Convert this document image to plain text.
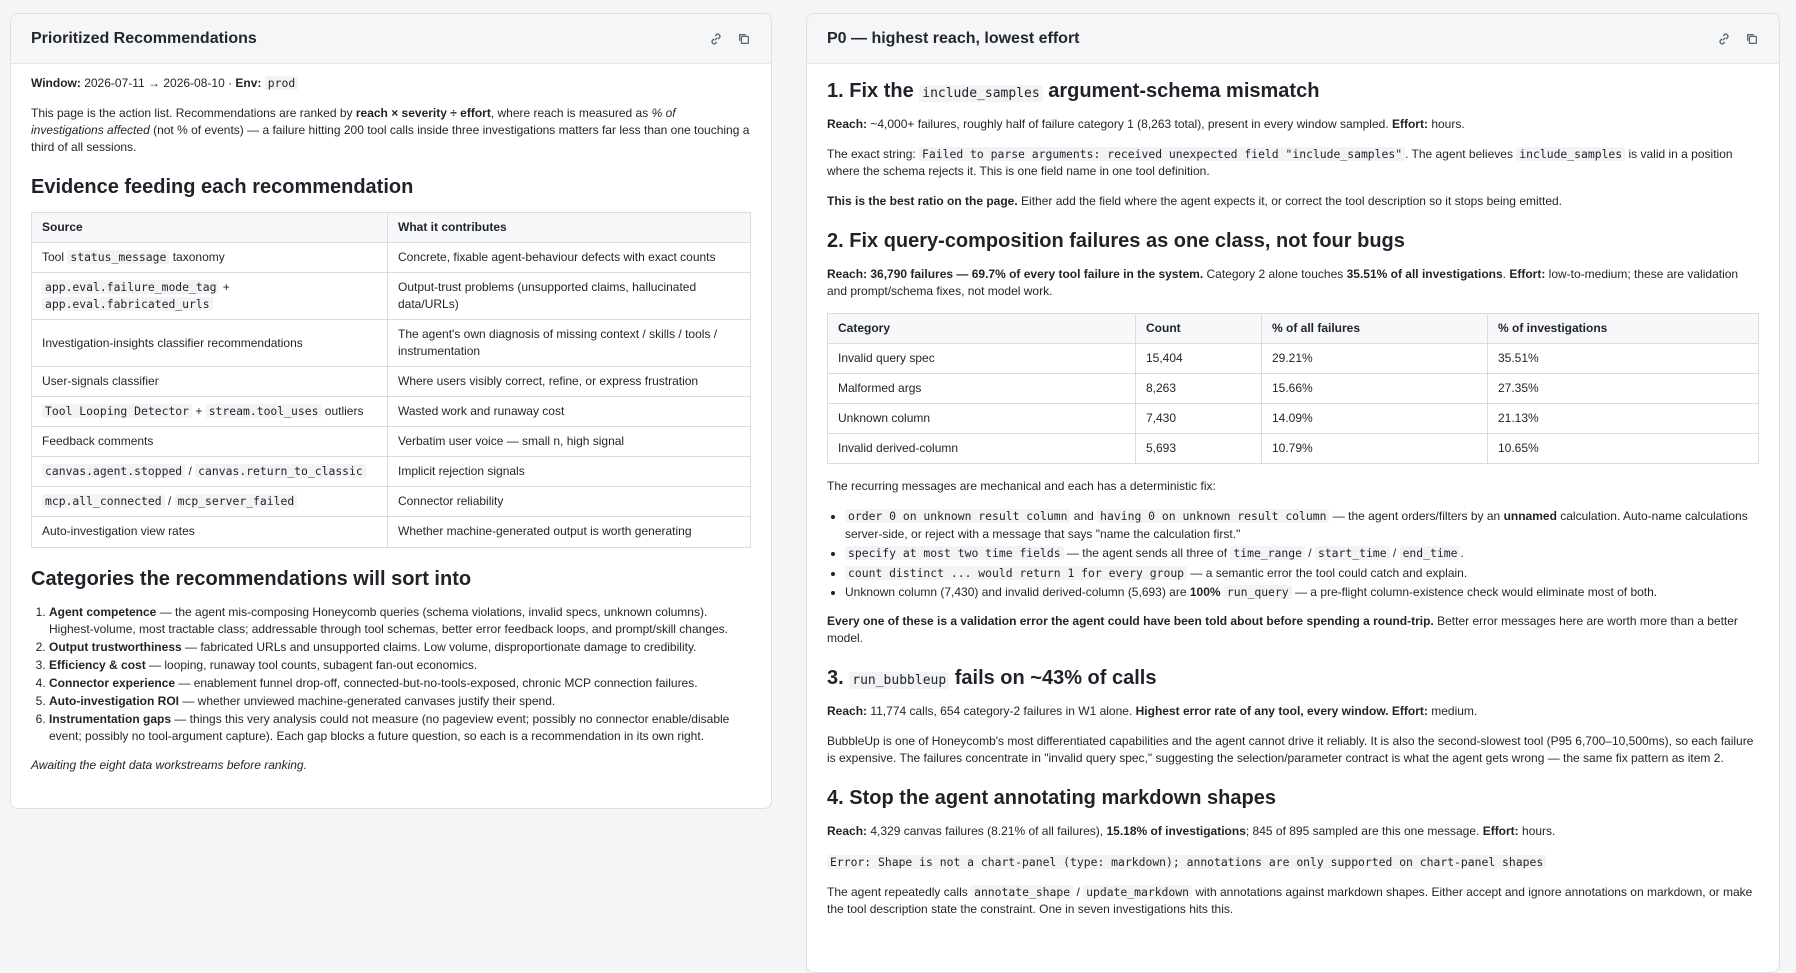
Prioritized Recommendations

Window: 2026-07-11 → 2026-08-10 · Env: prod

This page is the action list. Recommendations are ranked by reach × severity ÷ effort, where reach is measured as % of investigations affected (not % of events) — a failure hitting 200 tool calls inside three investigations matters far less than one touching a third of all sessions.

Evidence feeding each recommendation
Source	What it contributes
Tool status_message taxonomy	Concrete, fixable agent-behaviour defects with exact counts
app.eval.failure_mode_tag + app.eval.fabricated_urls	Output-trust problems (unsupported claims, hallucinated data/URLs)
Investigation-insights classifier recommendations	The agent's own diagnosis of missing context / skills / tools / instrumentation
User-signals classifier	Where users visibly correct, refine, or express frustration
Tool Looping Detector + stream.tool_uses outliers	Wasted work and runaway cost
Feedback comments	Verbatim user voice — small n, high signal
canvas.agent.stopped / canvas.return_to_classic	Implicit rejection signals
mcp.all_connected / mcp_server_failed	Connector reliability
Auto-investigation view rates	Whether machine-generated output is worth generating
Categories the recommendations will sort into
1. Agent competence — the agent mis-composing Honeycomb queries (schema violations, invalid specs, unknown columns). Highest-volume, most tractable class; addressable through tool schemas, better error feedback loops, and prompt/skill changes.
2. Output trustworthiness — fabricated URLs and unsupported claims. Low volume, disproportionate damage to credibility.
3. Efficiency & cost — looping, runaway tool counts, subagent fan-out economics.
4. Connector experience — enablement funnel drop-off, connected-but-no-tools-exposed, chronic MCP connection failures.
5. Auto-investigation ROI — whether unviewed machine-generated canvases justify their spend.
6. Instrumentation gaps — things this very analysis could not measure (no pageview event; possibly no connector enable/disable event; possibly no tool-argument capture). Each gap blocks a future question, so each is a recommendation in its own right.

Awaiting the eight data workstreams before ranking.

P0 — highest reach, lowest effort
1. Fix the include_samples argument-schema mismatch

Reach: ~4,000+ failures, roughly half of failure category 1 (8,263 total), present in every window sampled. Effort: hours.

The exact string: Failed to parse arguments: received unexpected field "include_samples" . The agent believes include_samples is valid in a position where the schema rejects it. This is one field name in one tool definition.

This is the best ratio on the page. Either add the field where the agent expects it, or correct the tool description so it stops being emitted.

2. Fix query-composition failures as one class, not four bugs

Reach: 36,790 failures — 69.7% of every tool failure in the system. Category 2 alone touches 35.51% of all investigations. Effort: low-to-medium; these are validation and prompt/schema fixes, not model work.

Category	Count	% of all failures	% of investigations
Invalid query spec	15,404	29.21%	35.51%
Malformed args	8,263	15.66%	27.35%
Unknown column	7,430	14.09%	21.13%
Invalid derived-column	5,693	10.79%	10.65%

The recurring messages are mechanical and each has a deterministic fix:

• order 0 on unknown result column and having 0 on unknown result column — the agent orders/filters by an unnamed calculation. Auto-name calculations server-side, or reject with a message that says "name the calculation first."
• specify at most two time fields — the agent sends all three of time_range / start_time / end_time .
• count distinct ... would return 1 for every group — a semantic error the tool could catch and explain.
• Unknown column (7,430) and invalid derived-column (5,693) are 100% run_query — a pre-flight column-existence check would eliminate most of both.

Every one of these is a validation error the agent could have been told about before spending a round-trip. Better error messages here are worth more than a better model.

3. run_bubbleup fails on ~43% of calls

Reach: 11,774 calls, 654 category-2 failures in W1 alone. Highest error rate of any tool, every window. Effort: medium.

BubbleUp is one of Honeycomb's most differentiated capabilities and the agent cannot drive it reliably. It is also the second-slowest tool (P95 6,700–10,500ms), so each failure is expensive. The failures concentrate in "invalid query spec," suggesting the selection/parameter contract is what the agent gets wrong — the same fix pattern as item 2.

4. Stop the agent annotating markdown shapes

Reach: 4,329 canvas failures (8.21% of all failures), 15.18% of investigations; 845 of 895 sampled are this one message. Effort: hours.

Error: Shape is not a chart-panel (type: markdown); annotations are only supported on chart-panel shapes

The agent repeatedly calls annotate_shape / update_markdown with annotations against markdown shapes. Either accept and ignore annotations on markdown, or make the tool description state the constraint. One in seven investigations hits this.
